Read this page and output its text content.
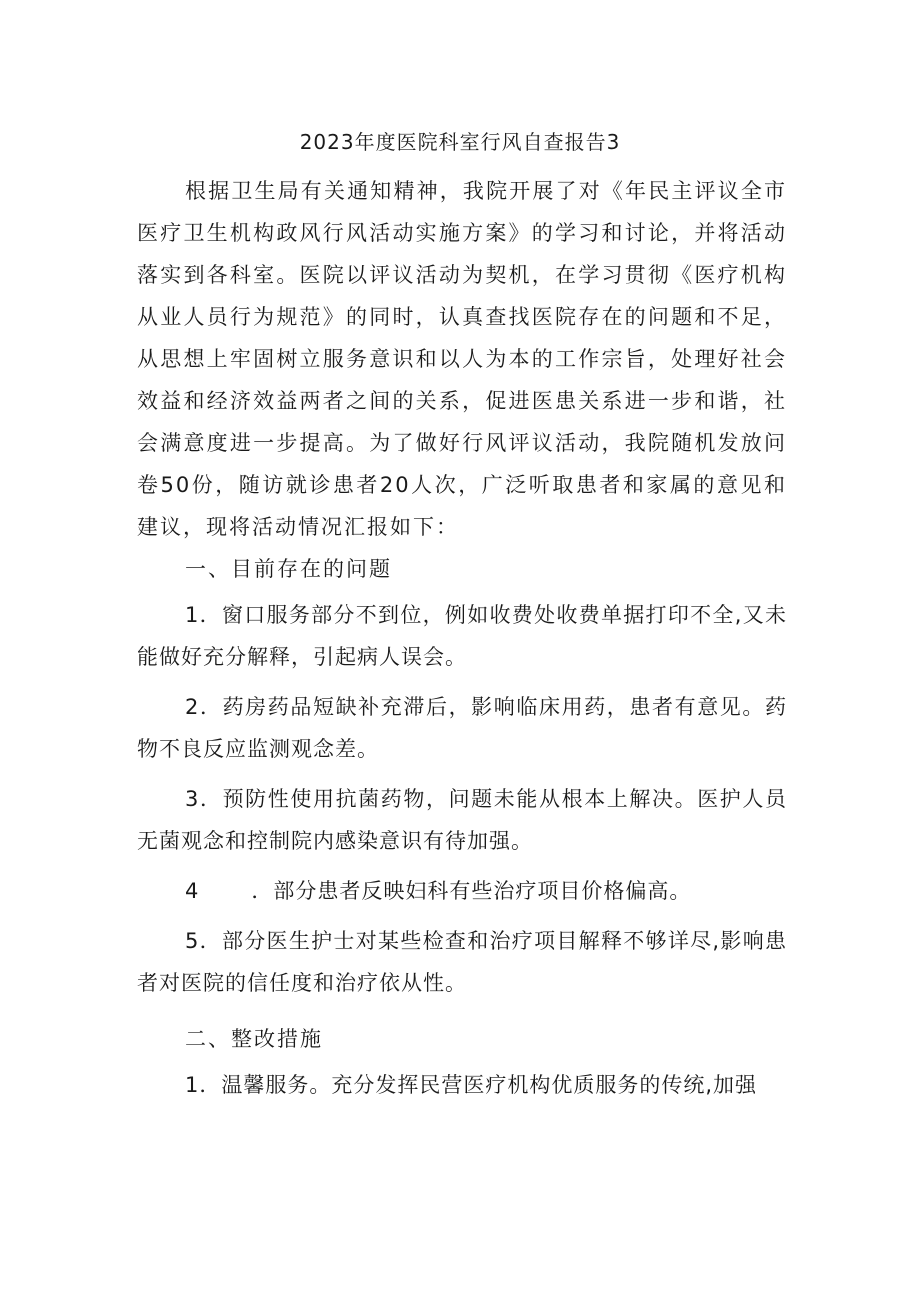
2023年度医院科室行风自查报告3

根据卫生局有关通知精神，我院开展了对《年民主评议全市医疗卫生机构政风行风活动实施方案》的学习和讨论，并将活动落实到各科室。医院以评议活动为契机，在学习贯彻《医疗机构从业人员行为规范》的同时，认真查找医院存在的问题和不足，从思想上牢固树立服务意识和以人为本的工作宗旨，处理好社会效益和经济效益两者之间的关系，促进医患关系进一步和谐，社会满意度进一步提高。为了做好行风评议活动，我院随机发放问卷50份，随访就诊患者20人次，广泛听取患者和家属的意见和建议，现将活动情况汇报如下：

一、目前存在的问题

1．窗口服务部分不到位，例如收费处收费单据打印不全,又未能做好充分解释，引起病人误会。

2．药房药品短缺补充滞后，影响临床用药，患者有意见。药物不良反应监测观念差。

3．预防性使用抗菌药物，问题未能从根本上解决。医护人员无菌观念和控制院内感染意识有待加强。

4 ．部分患者反映妇科有些治疗项目价格偏高。

5．部分医生护士对某些检查和治疗项目解释不够详尽,影响患者对医院的信任度和治疗依从性。

二、整改措施

1．温馨服务。充分发挥民营医疗机构优质服务的传统,加强
